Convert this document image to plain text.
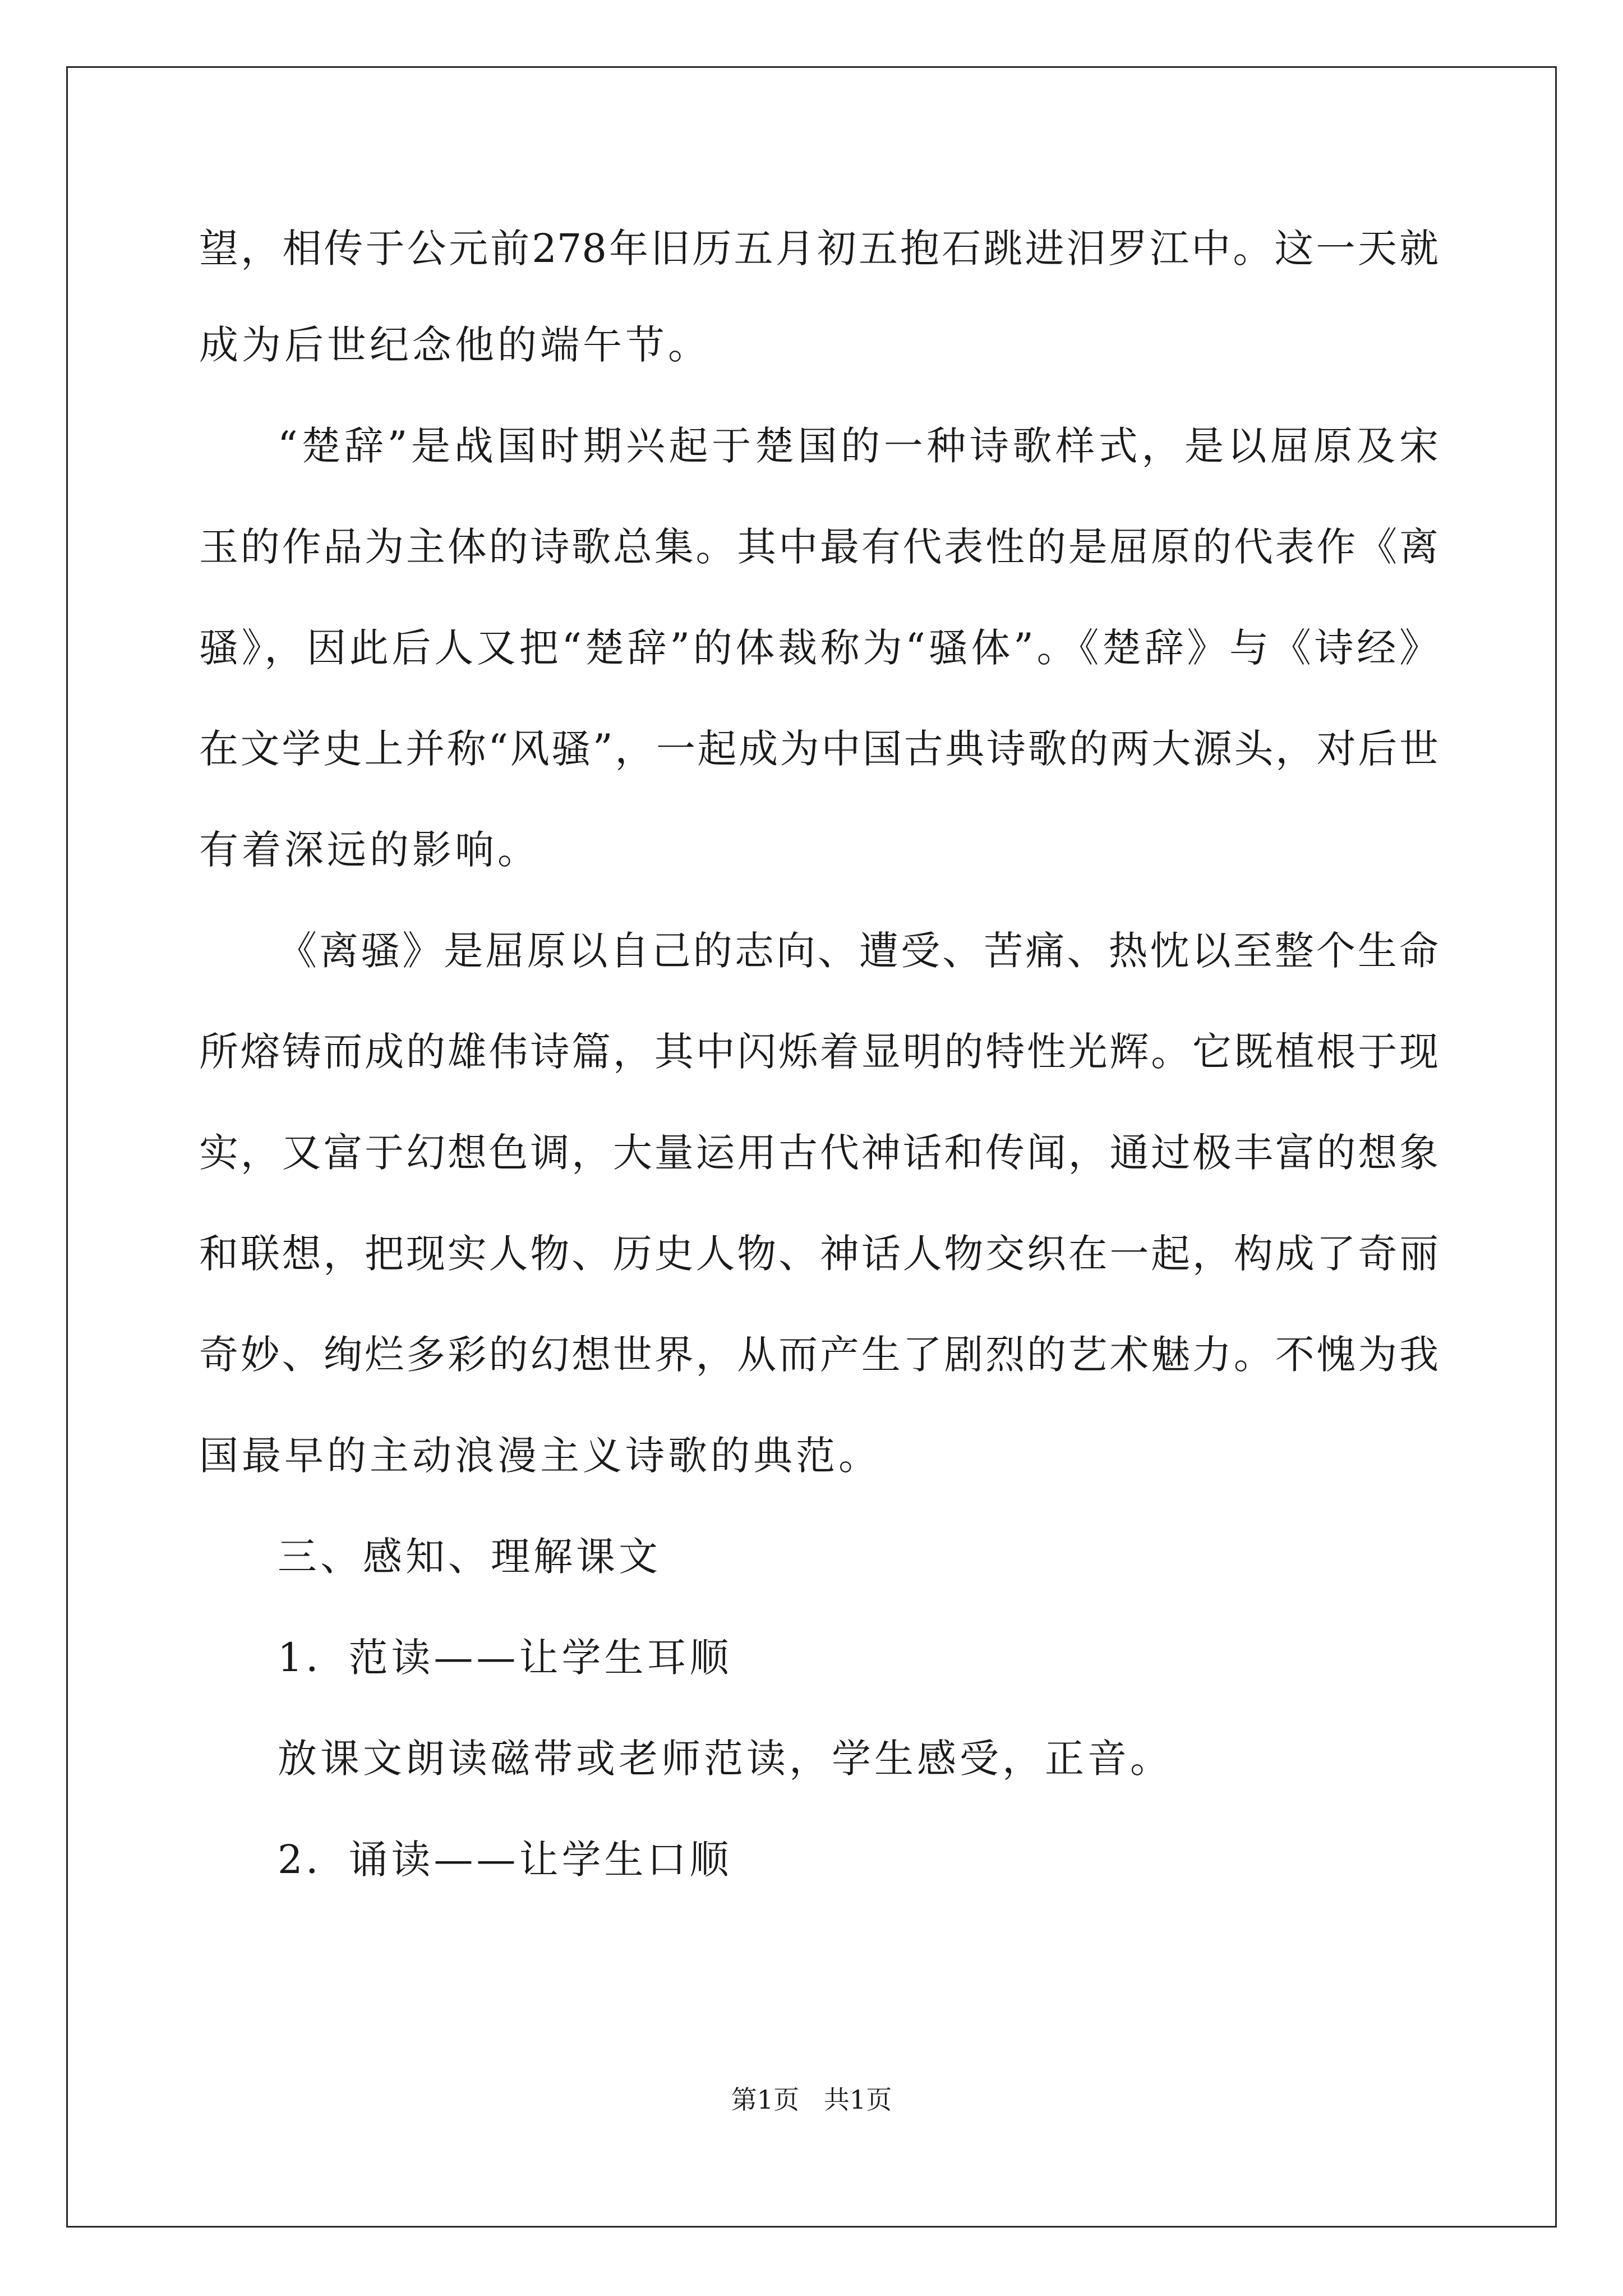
望，相传于公元前278年旧历五月初五抱石跳进汨罗江中。这一天就
成为后世纪念他的端午节。
“楚辞”是战国时期兴起于楚国的一种诗歌样式，是以屈原及宋
玉的作品为主体的诗歌总集。其中最有代表性的是屈原的代表作《离
骚》，因此后人又把“楚辞”的体裁称为“骚体”。《楚辞》与《诗经》
在文学史上并称“风骚”，一起成为中国古典诗歌的两大源头，对后世
有着深远的影响。
《离骚》是屈原以自己的志向、遭受、苦痛、热忱以至整个生命
所熔铸而成的雄伟诗篇，其中闪烁着显明的特性光辉。它既植根于现
实，又富于幻想色调，大量运用古代神话和传闻，通过极丰富的想象
和联想，把现实人物、历史人物、神话人物交织在一起，构成了奇丽
奇妙、绚烂多彩的幻想世界，从而产生了剧烈的艺术魅力。不愧为我
国最早的主动浪漫主义诗歌的典范。
三、感知、理解课文
1．范读——让学生耳顺
放课文朗读磁带或老师范读，学生感受，正音。
2．诵读——让学生口顺
第1页   共1页
